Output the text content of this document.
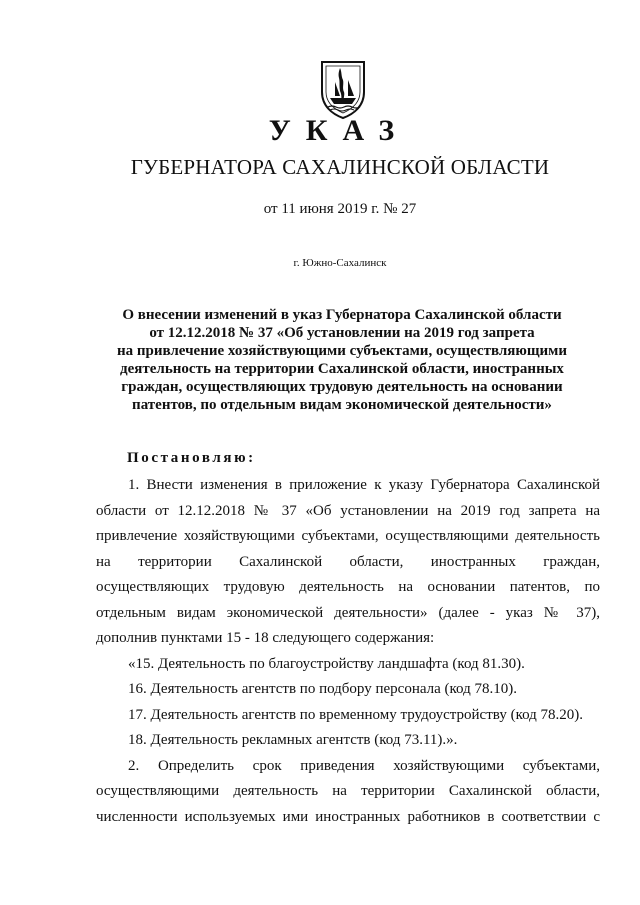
УКАЗ
ГУБЕРНАТОРА САХАЛИНСКОЙ ОБЛАСТИ
от 11 июня 2019 г. № 27
г. Южно-Сахалинск
О внесении изменений в указ Губернатора Сахалинской области
от 12.12.2018 № 37 «Об установлении на 2019 год запрета
на привлечение хозяйствующими субъектами, осуществляющими
деятельность на территории Сахалинской области, иностранных
граждан, осуществляющих трудовую деятельность на основании
патентов, по отдельным видам экономической деятельности»
Постановляю:
1. Внести изменения в приложение к указу Губернатора Сахалинской
области от 12.12.2018 № 37 «Об установлении на 2019 год запрета на
привлечение хозяйствующими субъектами, осуществляющими деятельность
на территории Сахалинской области, иностранных граждан,
осуществляющих трудовую деятельность на основании патентов, по
отдельным видам экономической деятельности» (далее - указ № 37),
дополнив пунктами 15 - 18 следующего содержания:
«15. Деятельность по благоустройству ландшафта (код 81.30).
16. Деятельность агентств по подбору персонала (код 78.10).
17. Деятельность агентств по временному трудоустройству (код 78.20).
18. Деятельность рекламных агентств (код 73.11).».
2. Определить срок приведения хозяйствующими субъектами,
осуществляющими деятельность на территории Сахалинской области,
численности используемых ими иностранных работников в соответствии с
